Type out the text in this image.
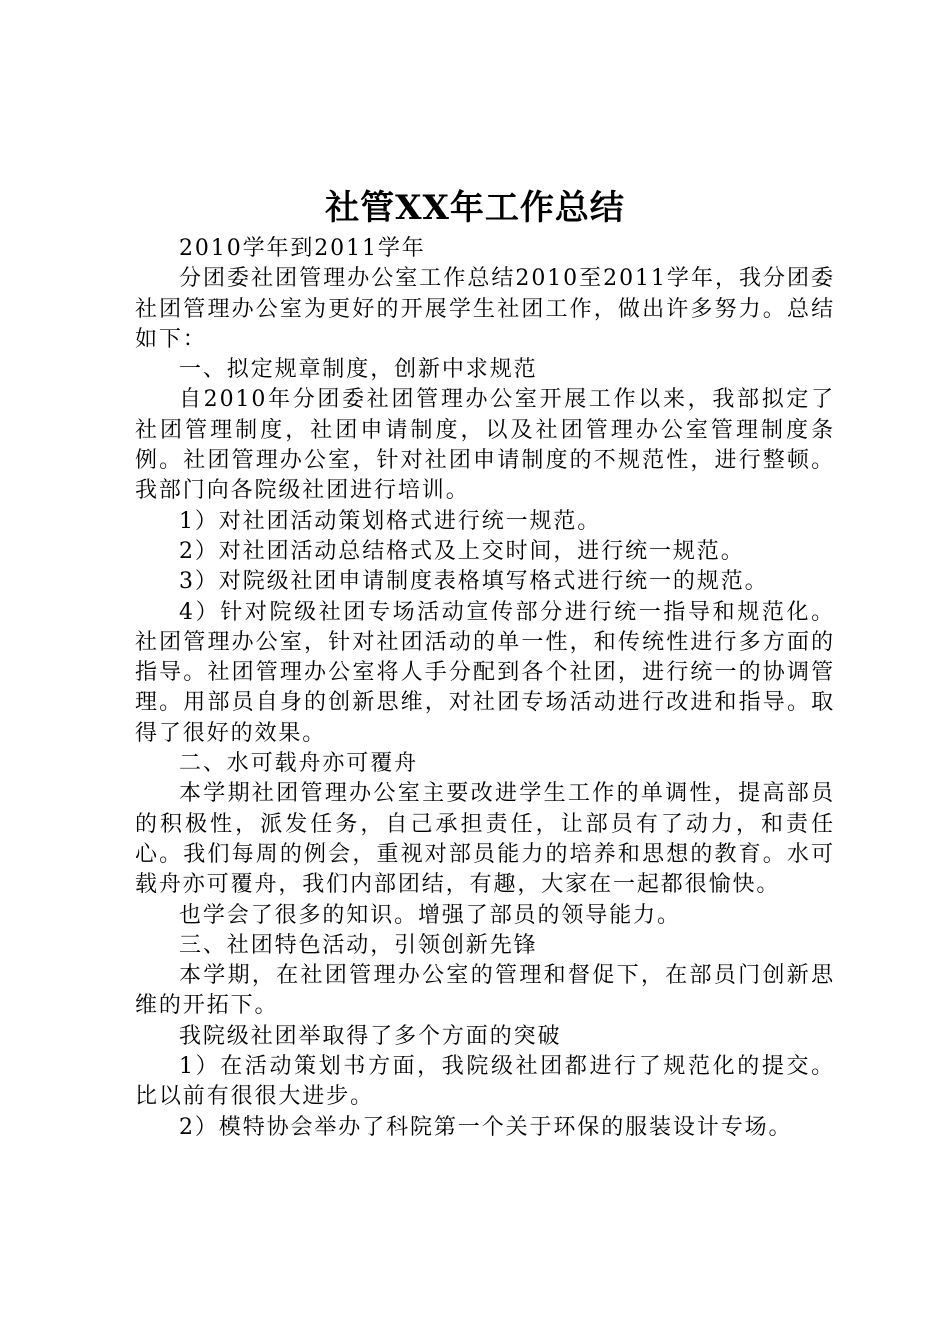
社管XX年工作总结

2010学年到2011学年

分团委社团管理办公室工作总结2010至2011学年，我分团委社团管理办公室为更好的开展学生社团工作，做出许多努力。总结如下：

一、拟定规章制度，创新中求规范

自2010年分团委社团管理办公室开展工作以来，我部拟定了社团管理制度，社团申请制度，以及社团管理办公室管理制度条例。社团管理办公室，针对社团申请制度的不规范性，进行整顿。我部门向各院级社团进行培训。

1）对社团活动策划格式进行统一规范。

2）对社团活动总结格式及上交时间，进行统一规范。

3）对院级社团申请制度表格填写格式进行统一的规范。

4）针对院级社团专场活动宣传部分进行统一指导和规范化。社团管理办公室，针对社团活动的单一性，和传统性进行多方面的指导。社团管理办公室将人手分配到各个社团，进行统一的协调管理。用部员自身的创新思维，对社团专场活动进行改进和指导。取得了很好的效果。

二、水可载舟亦可覆舟

本学期社团管理办公室主要改进学生工作的单调性，提高部员的积极性，派发任务，自己承担责任，让部员有了动力，和责任心。我们每周的例会，重视对部员能力的培养和思想的教育。水可载舟亦可覆舟，我们内部团结，有趣，大家在一起都很愉快。

也学会了很多的知识。增强了部员的领导能力。

三、社团特色活动，引领创新先锋

本学期，在社团管理办公室的管理和督促下，在部员门创新思维的开拓下。

我院级社团举取得了多个方面的突破

1）在活动策划书方面，我院级社团都进行了规范化的提交。比以前有很很大进步。

2）模特协会举办了科院第一个关于环保的服装设计专场。
